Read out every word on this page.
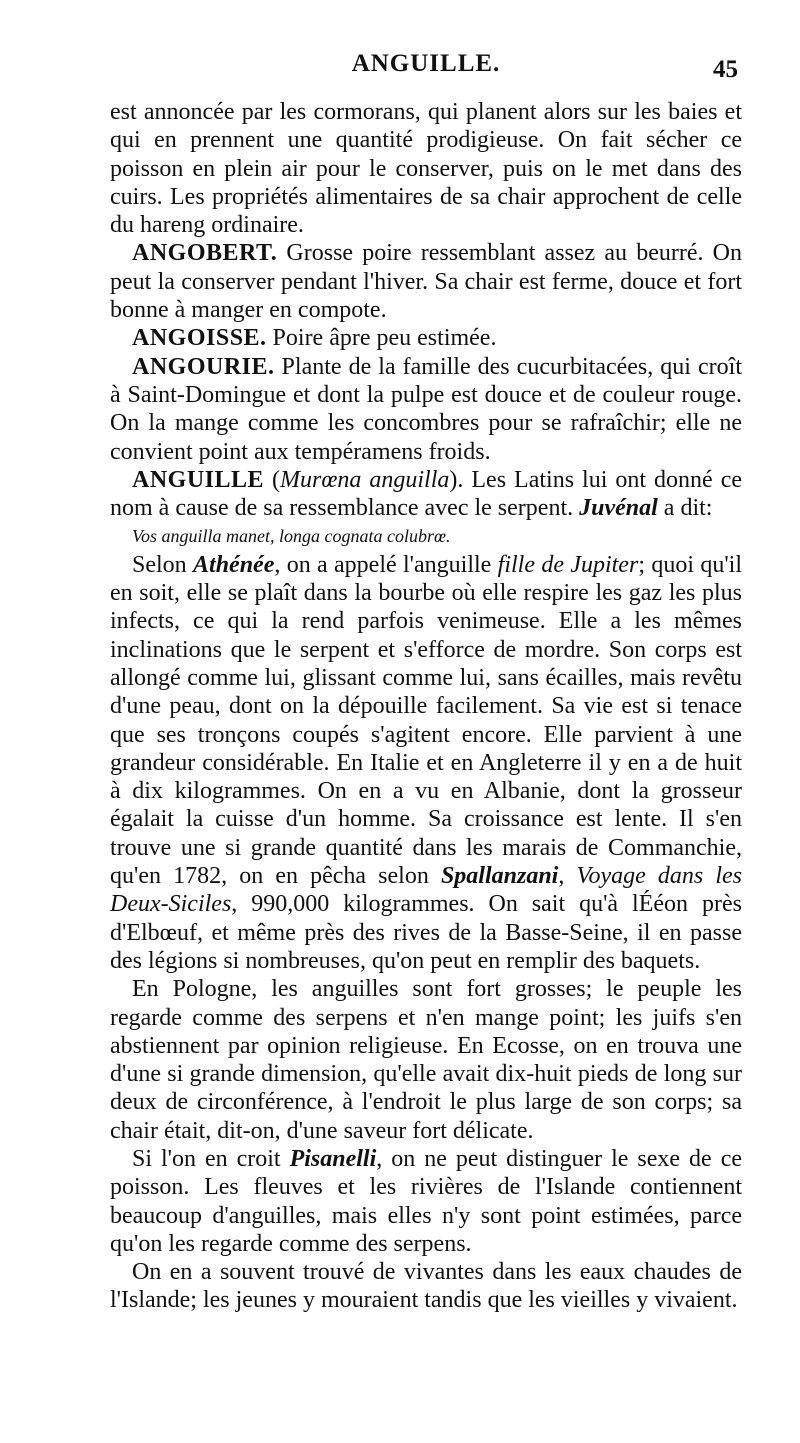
ANGUILLE.	45

est annoncée par les cormorans, qui planent alors sur les baies et qui en prennent une quantité prodigieuse. On fait sécher ce poisson en plein air pour le conserver, puis on le met dans des cuirs. Les propriétés alimentaires de sa chair approchent de celle du hareng ordinaire.

ANGOBERT. Grosse poire ressemblant assez au beurré. On peut la conserver pendant l'hiver. Sa chair est ferme, douce et fort bonne à manger en compote.

ANGOISSE. Poire âpre peu estimée.

ANGOURIE. Plante de la famille des cucurbitacées, qui croît à Saint-Domingue et dont la pulpe est douce et de couleur rouge. On la mange comme les concombres pour se rafraîchir; elle ne convient point aux tempéramens froids.

ANGUILLE (Murœna anguilla). Les Latins lui ont donné ce nom à cause de sa ressemblance avec le serpent. Juvénal a dit:
Vos anguilla manet, longa cognata colubrœ.

Selon Athénée, on a appelé l'anguille fille de Jupiter; quoi qu'il en soit, elle se plaît dans la bourbe où elle respire les gaz les plus infects, ce qui la rend parfois venimeuse. Elle a les mêmes inclinations que le serpent et s'efforce de mordre. Son corps est allongé comme lui, glissant comme lui, sans écailles, mais revêtu d'une peau, dont on la dépouille facilement. Sa vie est si tenace que ses tronçons coupés s'agitent encore. Elle parvient à une grandeur considérable. En Italie et en Angleterre il y en a de huit à dix kilogrammes. On en a vu en Albanie, dont la grosseur égalait la cuisse d'un homme. Sa croissance est lente. Il s'en trouve une si grande quantité dans les marais de Commanchie, qu'en 1782, on en pêcha selon Spallanzani, Voyage dans les Deux-Siciles, 990,000 kilogrammes. On sait qu'à lÉéon près d'Elbœuf, et même près des rives de la Basse-Seine, il en passe des légions si nombreuses, qu'on peut en remplir des baquets.

En Pologne, les anguilles sont fort grosses; le peuple les regarde comme des serpens et n'en mange point; les juifs s'en abstiennent par opinion religieuse. En Ecosse, on en trouva une d'une si grande dimension, qu'elle avait dix-huit pieds de long sur deux de circonférence, à l'endroit le plus large de son corps; sa chair était, dit-on, d'une saveur fort délicate.

Si l'on en croit Pisanelli, on ne peut distinguer le sexe de ce poisson. Les fleuves et les rivières de l'Islande contiennent beaucoup d'anguilles, mais elles n'y sont point estimées, parce qu'on les regarde comme des serpens.

On en a souvent trouvé de vivantes dans les eaux chaudes de l'Islande; les jeunes y mouraient tandis que les vieilles y vivaient.
